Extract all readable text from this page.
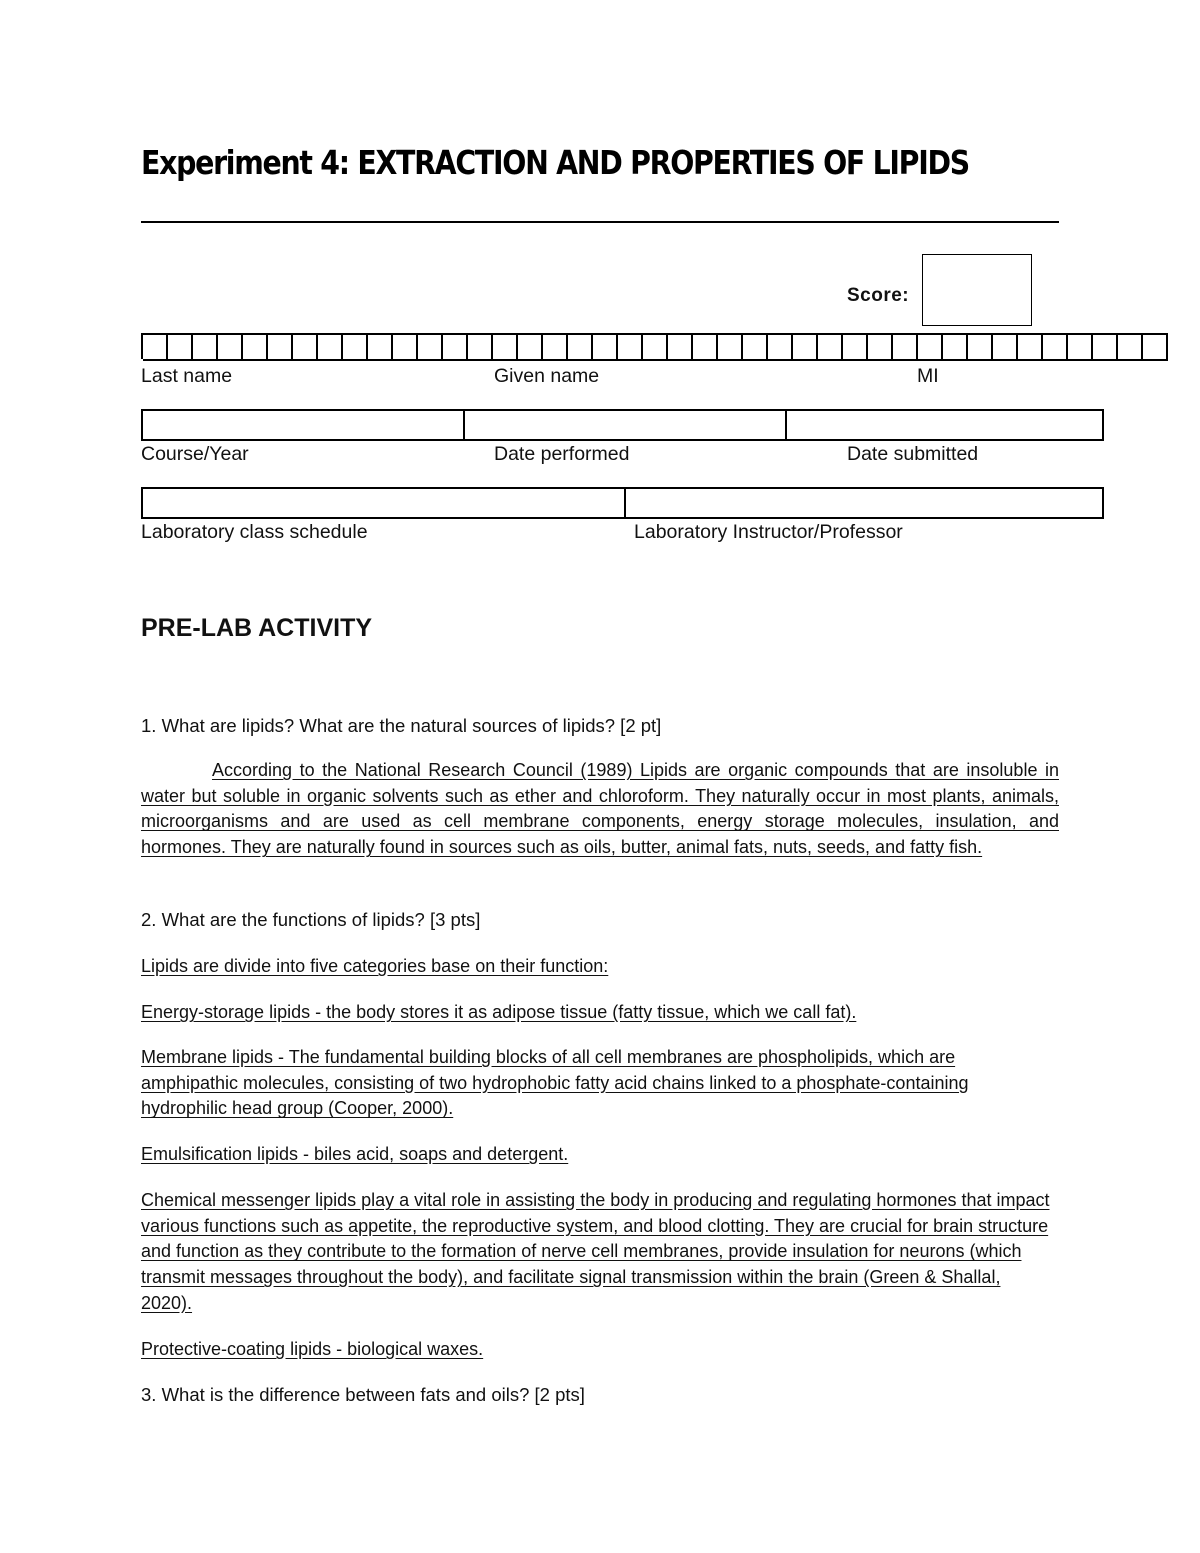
Experiment 4: EXTRACTION AND PROPERTIES OF LIPIDS
Score:
Last name	Given name	MI
Course/Year	Date performed	Date submitted
Laboratory class schedule	Laboratory Instructor/Professor
PRE-LAB ACTIVITY
1. What are lipids? What are the natural sources of lipids? [2 pt]
According to the National Research Council (1989) Lipids are organic compounds that are insoluble in water but soluble in organic solvents such as ether and chloroform. They naturally occur in most plants, animals, microorganisms and are used as cell membrane components, energy storage molecules, insulation, and hormones. They are naturally found in sources such as oils, butter, animal fats, nuts, seeds, and fatty fish.
2. What are the functions of lipids? [3 pts]
Lipids are divide into five categories base on their function:
Energy-storage lipids - the body stores it as adipose tissue (fatty tissue, which we call fat).
Membrane lipids - The fundamental building blocks of all cell membranes are phospholipids, which are amphipathic molecules, consisting of two hydrophobic fatty acid chains linked to a phosphate-containing hydrophilic head group (Cooper, 2000).
Emulsification lipids - biles acid, soaps and detergent.
Chemical messenger lipids play a vital role in assisting the body in producing and regulating hormones that impact various functions such as appetite, the reproductive system, and blood clotting. They are crucial for brain structure and function as they contribute to the formation of nerve cell membranes, provide insulation for neurons (which transmit messages throughout the body), and facilitate signal transmission within the brain (Green & Shallal, 2020).
Protective-coating lipids - biological waxes.
3. What is the difference between fats and oils? [2 pts]
